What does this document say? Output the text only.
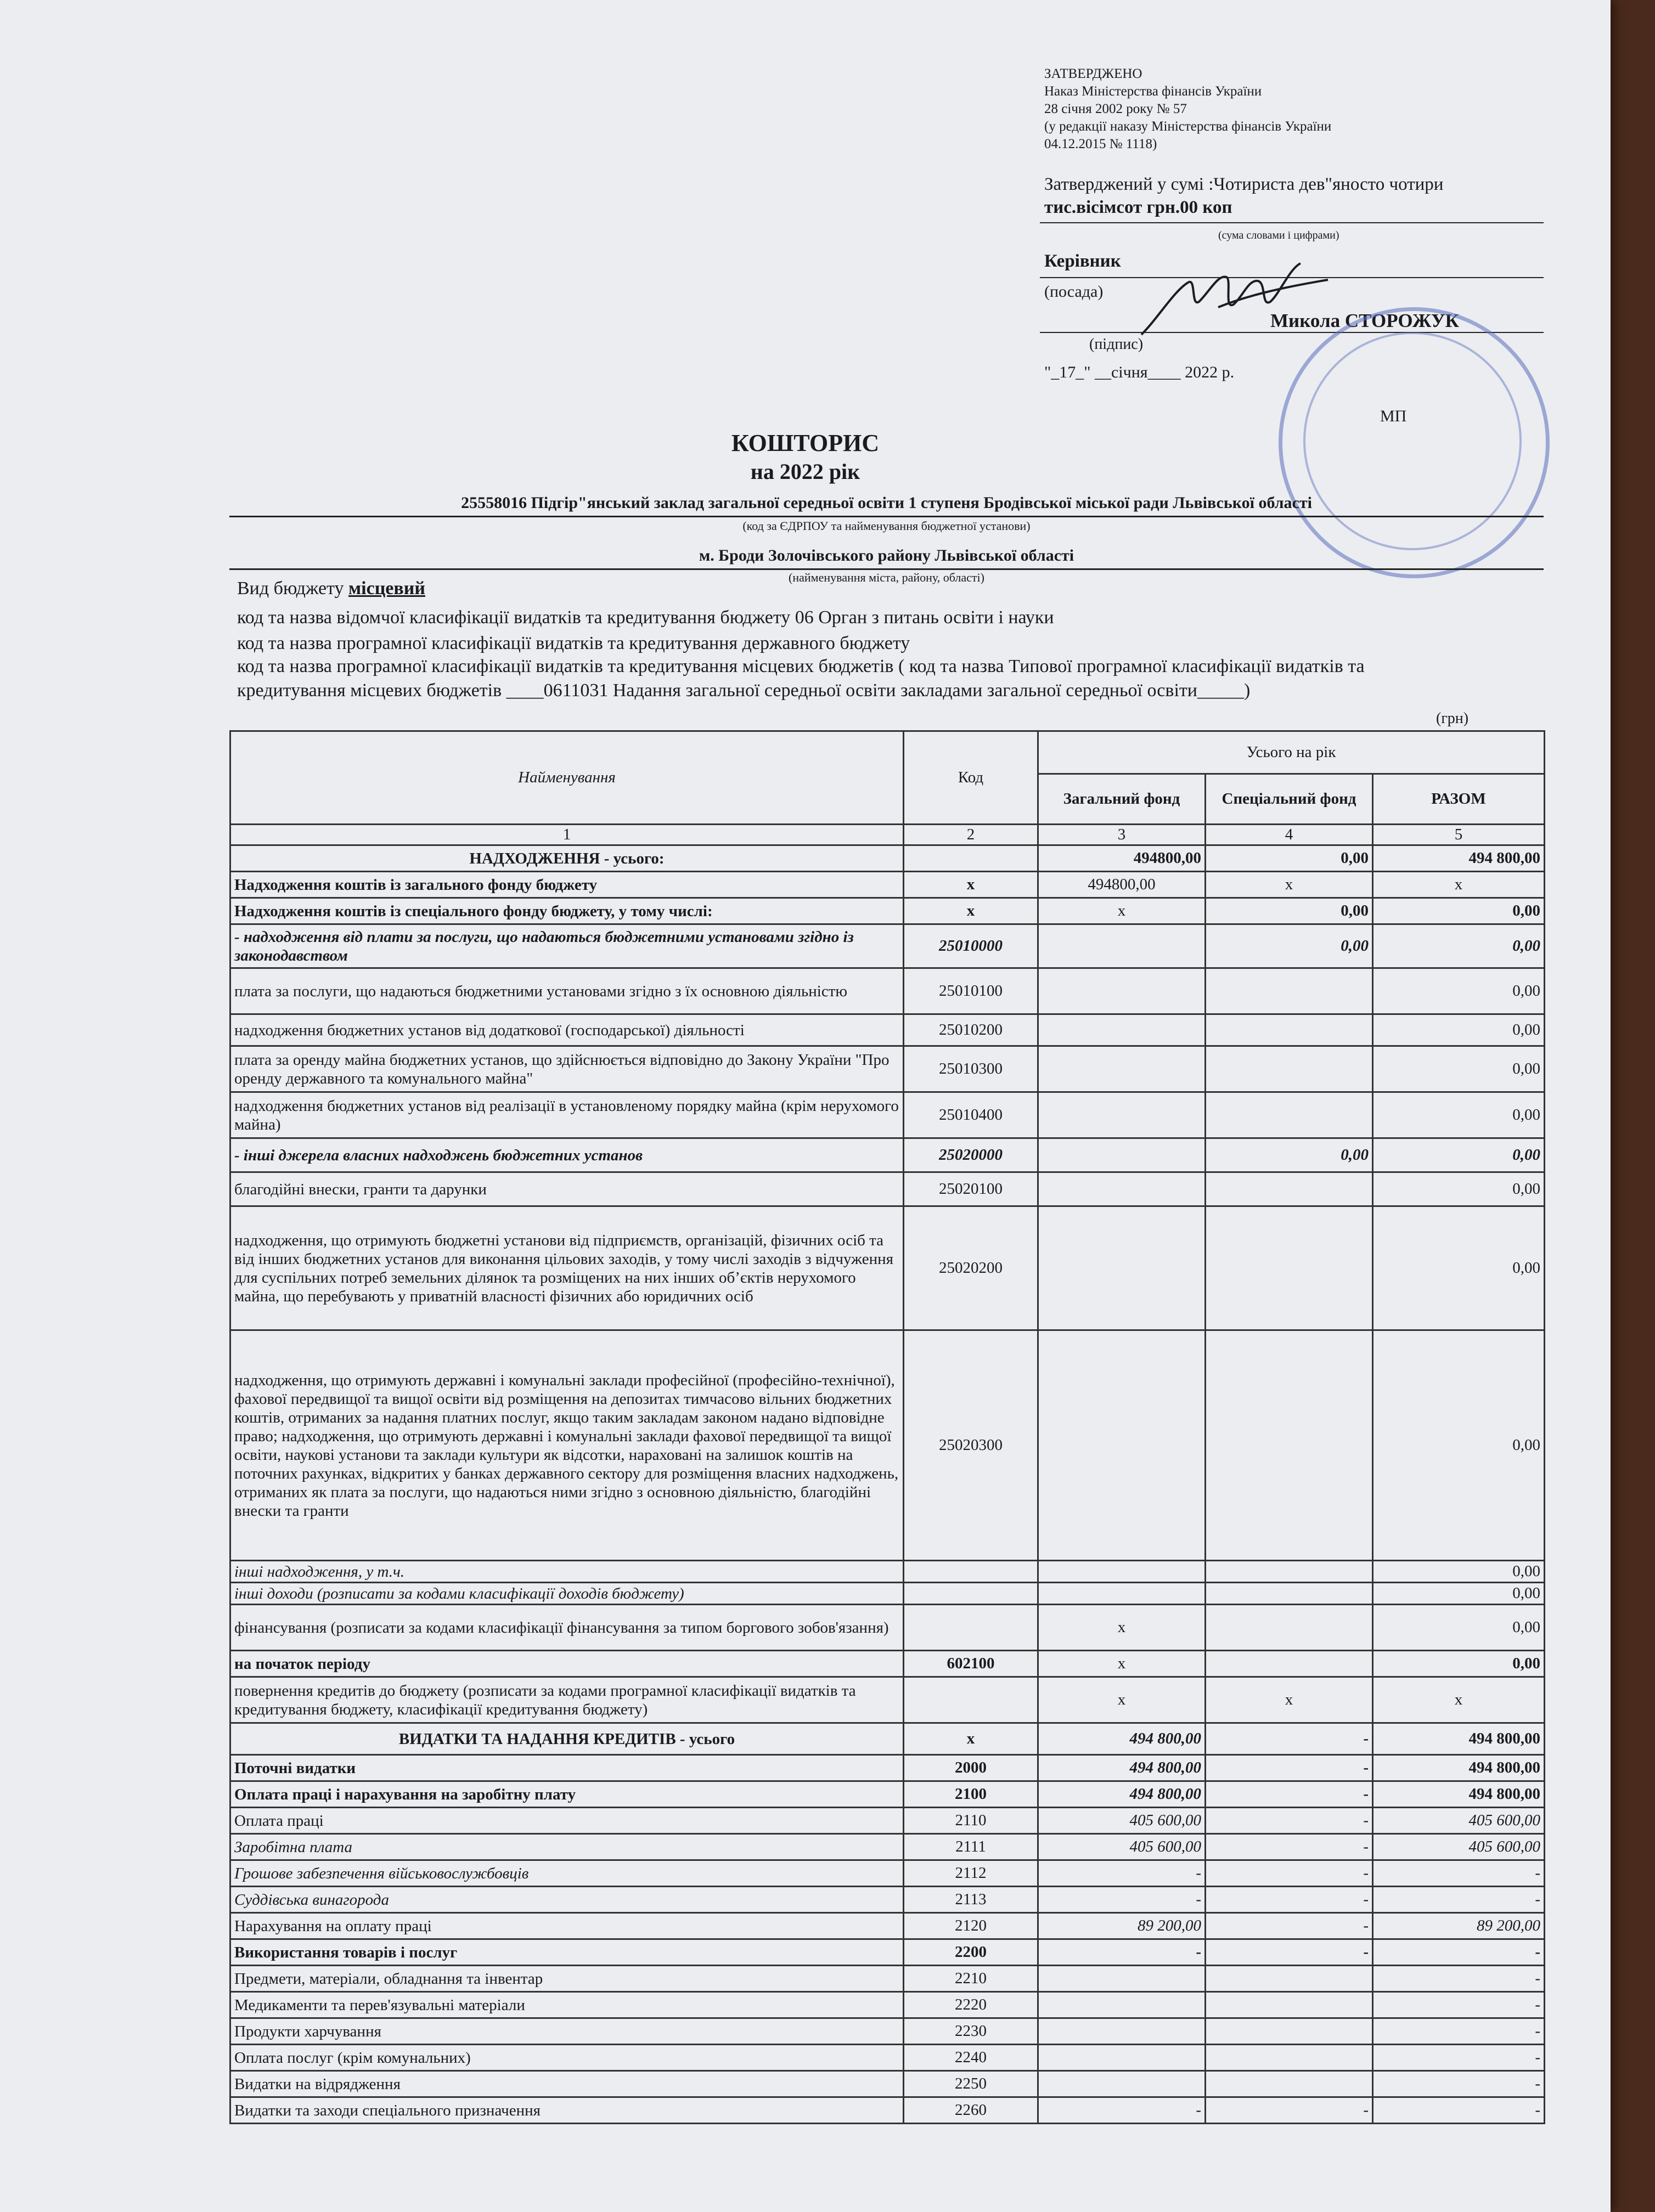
ЗАТВЕРДЖЕНО
Наказ Міністерства фінансів України
28 січня 2002 року № 57
(у редакції наказу Міністерства фінансів України
04.12.2015 № 1118)
Затверджений у сумі :Чотириста дев"яносто чотири
тис.вісімсот грн.00 коп
(сума словами і цифрами)
Керівник
(посада)
Микола СТОРОЖУК
(підпис)
"_17_" __січня____ 2022 р.
МП
КОШТОРИС
на 2022 рік
25558016 Підгір"янський заклад загальної середньої освіти 1 ступеня Бродівської міської ради Львівської області
(код за ЄДРПОУ та найменування бюджетної установи)
м. Броди Золочівського району Львівської області
(найменування міста, району, області)
Вид бюджету місцевий
код та назва відомчої класифікації видатків та кредитування бюджету 06 Орган з питань освіти і науки
код та назва програмної класифікації видатків та кредитування державного бюджету
код та назва програмної класифікації видатків та кредитування місцевих бюджетів ( код та назва Типової програмної класифікації видатків та
кредитування місцевих бюджетів ____0611031 Надання загальної середньої освіти закладами загальної середньої освіти_____)
(грн)
Найменування	Код	Усього на рік		
		Загальний фонд	Спеціальний фонд	РАЗОМ
1	2	3	4	5
НАДХОДЖЕННЯ - усього:		494800,00	0,00	494 800,00
Надходження коштів із загального фонду бюджету	x	494800,00	x	x
Надходження коштів із спеціального фонду бюджету, у тому числі:	x	x	0,00	0,00
- надходження від плати за послуги, що надаються бюджетними установами згідно із законодавством	25010000		0,00	0,00
плата за послуги, що надаються бюджетними установами згідно з їх основною діяльністю	25010100			0,00
надходження бюджетних установ від додаткової (господарської) діяльності	25010200			0,00
плата за оренду майна бюджетних установ, що здійснюється відповідно до Закону України "Про оренду державного та комунального майна"	25010300			0,00
надходження бюджетних установ від реалізації в установленому порядку майна (крім нерухомого майна)	25010400			0,00
- інші джерела власних надходжень бюджетних установ	25020000		0,00	0,00
благодійні внески, гранти та дарунки	25020100			0,00
надходження, що отримують бюджетні установи від підприємств, організацій, фізичних осіб та від інших бюджетних установ для виконання цільових заходів, у тому числі заходів з відчуження для суспільних потреб земельних ділянок та розміщених на них інших об’єктів нерухомого майна, що перебувають у приватній власності фізичних або юридичних осіб	25020200			0,00
надходження, що отримують державні і комунальні заклади професійної (професійно-технічної), фахової передвищої та вищої освіти від розміщення на депозитах тимчасово вільних бюджетних коштів, отриманих за надання платних послуг, якщо таким закладам законом надано відповідне право; надходження, що отримують державні і комунальні заклади фахової передвищої та вищої освіти, наукові установи та заклади культури як відсотки, нараховані на залишок коштів на поточних рахунках, відкритих у банках державного сектору для розміщення власних надходжень, отриманих як плата за послуги, що надаються ними згідно з основною діяльністю, благодійні внески та гранти	25020300			0,00
інші надходження, у т.ч.				0,00
інші доходи (розписати за кодами класифікації доходів бюджету)				0,00
фінансування (розписати за кодами класифікації фінансування за типом боргового зобов'язання)		x		0,00
на початок періоду	602100	x		0,00
повернення кредитів до бюджету (розписати за кодами програмної класифікації видатків та кредитування бюджету, класифікації кредитування бюджету)		x	x	x
ВИДАТКИ ТА НАДАННЯ КРЕДИТІВ - усього	x	494 800,00	-	494 800,00
Поточні видатки	2000	494 800,00	-	494 800,00
Оплата праці і нарахування на заробітну плату	2100	494 800,00	-	494 800,00
Оплата праці	2110	405 600,00	-	405 600,00
Заробітна плата	2111	405 600,00	-	405 600,00
Грошове забезпечення військовослужбовців	2112	-	-	-
Суддівська винагорода	2113	-	-	-
Нарахування на оплату праці	2120	89 200,00	-	89 200,00
Використання товарів і послуг	2200	-	-	-
Предмети, матеріали, обладнання та інвентар	2210			-
Медикаменти та перев'язувальні матеріали	2220			-
Продукти харчування	2230			-
Оплата послуг (крім комунальних)	2240			-
Видатки на відрядження	2250			-
Видатки та заходи спеціального призначення	2260	-	-	-
